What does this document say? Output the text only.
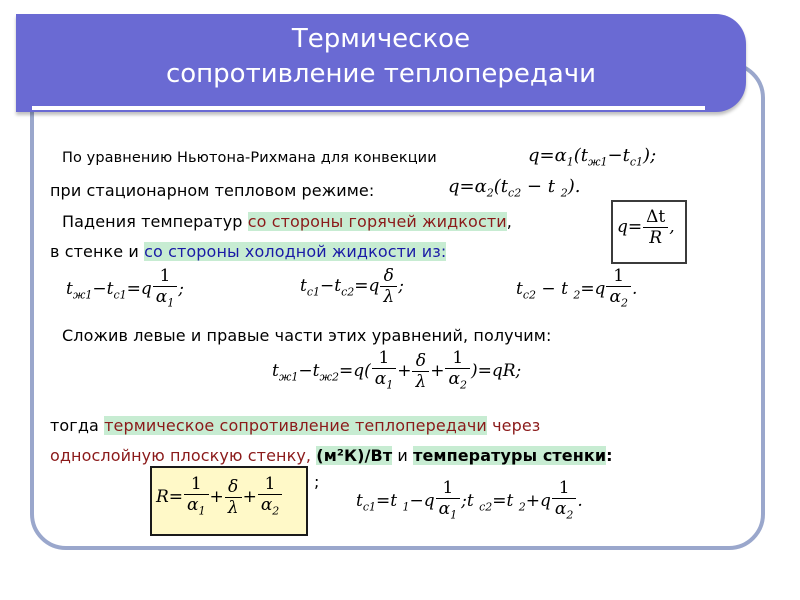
Термическое
сопротивление теплопередачи
По уравнению Ньютона-Рихмана для конвекции	$q=\alpha_1(t_{ж1}-t_{с1})$;
при стационарном тепловом режиме:	$q=\alpha_2(t_{с2} - t$ $_2$).
Падения температур со стороны горячей жидкости,	$q= \frac{\Delta t}{R}$ ,
в стенке и со стороны холодной жидкости из:
$t_{ж1}-t_{с1}=q \frac{1}{\alpha_1}$ ;	$t_{с1}-t_{с2}=q \frac{\delta}{\lambda}$ ;	$t_{с2} - t$ $_2=q \frac{1}{\alpha_2}$ .
Сложив левые и правые части этих уравнений, получим:
$t_{ж1}-t_{ж2}=q( \frac{1}{\alpha_1} + \frac{\delta}{\lambda} + \frac{1}{\alpha_2} )=qR$;
тогда термическое сопротивление теплопередачи через
однослойную плоскую стенку, (м²К)/Вт и температуры стенки:
$R= \frac{1}{\alpha_1} + \frac{\delta}{\lambda} + \frac{1}{\alpha_2}$ ;
$t_{с1}=t$ $_1-q \frac{1}{\alpha_1}$ ;t $_{с2}$=t $_2+q \frac{1}{\alpha_2}$ .
